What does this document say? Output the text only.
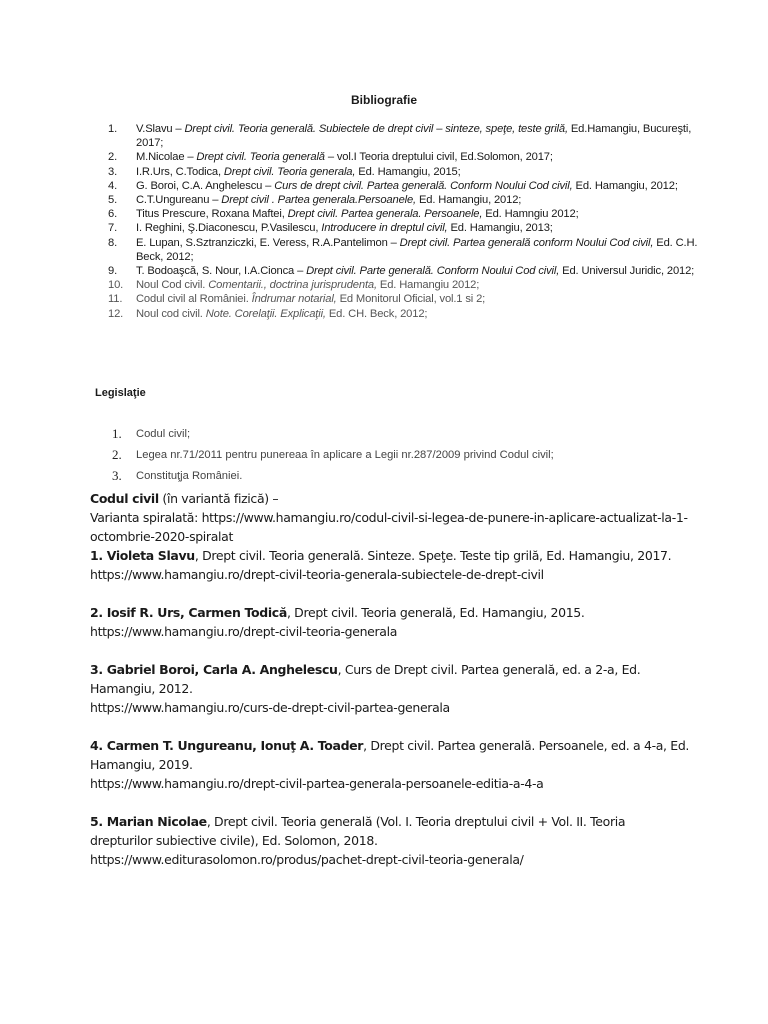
Bibliografie
1.	V.Slavu – Drept civil. Teoria generală. Subiectele de drept civil – sinteze, speţe, teste grilă, Ed.Hamangiu, Bucureşti, 2017;
2.	M.Nicolae – Drept civil. Teoria generală – vol.I Teoria dreptului civil, Ed.Solomon, 2017;
3.	I.R.Urs, C.Todica, Drept civil. Teoria generala, Ed. Hamangiu, 2015;
4.	G. Boroi, C.A. Anghelescu – Curs de drept civil. Partea generală. Conform Noului Cod civil, Ed. Hamangiu, 2012;
5.	C.T.Ungureanu – Drept civil . Partea generala.Persoanele, Ed. Hamangiu, 2012;
6.	Titus Prescure, Roxana Maftei, Drept civil. Partea generala. Persoanele, Ed. Hamngiu 2012;
7.	I. Reghini, Ş.Diaconescu, P.Vasilescu, Introducere in dreptul civil, Ed. Hamangiu, 2013;
8.	E. Lupan, S.Sztranziczki, E. Veress, R.A.Pantelimon – Drept civil. Partea generală conform Noului Cod civil, Ed. C.H. Beck, 2012;
9.	T. Bodoaşcă, S. Nour, I.A.Cionca – Drept civil. Parte generală. Conform Noului Cod civil, Ed. Universul Juridic, 2012;
10.	Noul Cod civil. Comentarii., doctrina jurisprudenta, Ed. Hamangiu 2012;
11.	Codul civil al României. Îndrumar notarial, Ed Monitorul Oficial, vol.1 si 2;
12.	Noul cod civil. Note. Corelaţii. Explicaţii, Ed. CH. Beck, 2012;
Legislaţie
1.	Codul civil;
2.	Legea nr.71/2011 pentru punereaa în aplicare a Legii nr.287/2009 privind Codul civil;
3.	Constituţja României.
Codul civil (în variantă fizică) –
Varianta spiralată: https://www.hamangiu.ro/codul-civil-si-legea-de-punere-in-aplicare-actualizat-la-1-octombrie-2020-spiralat
1. Violeta Slavu, Drept civil. Teoria generală. Sinteze. Speţe. Teste tip grilă, Ed. Hamangiu, 2017.
https://www.hamangiu.ro/drept-civil-teoria-generala-subiectele-de-drept-civil
2. Iosif R. Urs, Carmen Todică, Drept civil. Teoria generală, Ed. Hamangiu, 2015.
https://www.hamangiu.ro/drept-civil-teoria-generala
3. Gabriel Boroi, Carla A. Anghelescu, Curs de Drept civil. Partea generală, ed. a 2-a, Ed. Hamangiu, 2012.
https://www.hamangiu.ro/curs-de-drept-civil-partea-generala
4. Carmen T. Ungureanu, Ionuţ A. Toader, Drept civil. Partea generală. Persoanele, ed. a 4-a, Ed. Hamangiu, 2019.
https://www.hamangiu.ro/drept-civil-partea-generala-persoanele-editia-a-4-a
5. Marian Nicolae, Drept civil. Teoria generală (Vol. I. Teoria dreptului civil + Vol. II. Teoria drepturilor subiective civile), Ed. Solomon, 2018.
https://www.editurasolomon.ro/produs/pachet-drept-civil-teoria-generala/
